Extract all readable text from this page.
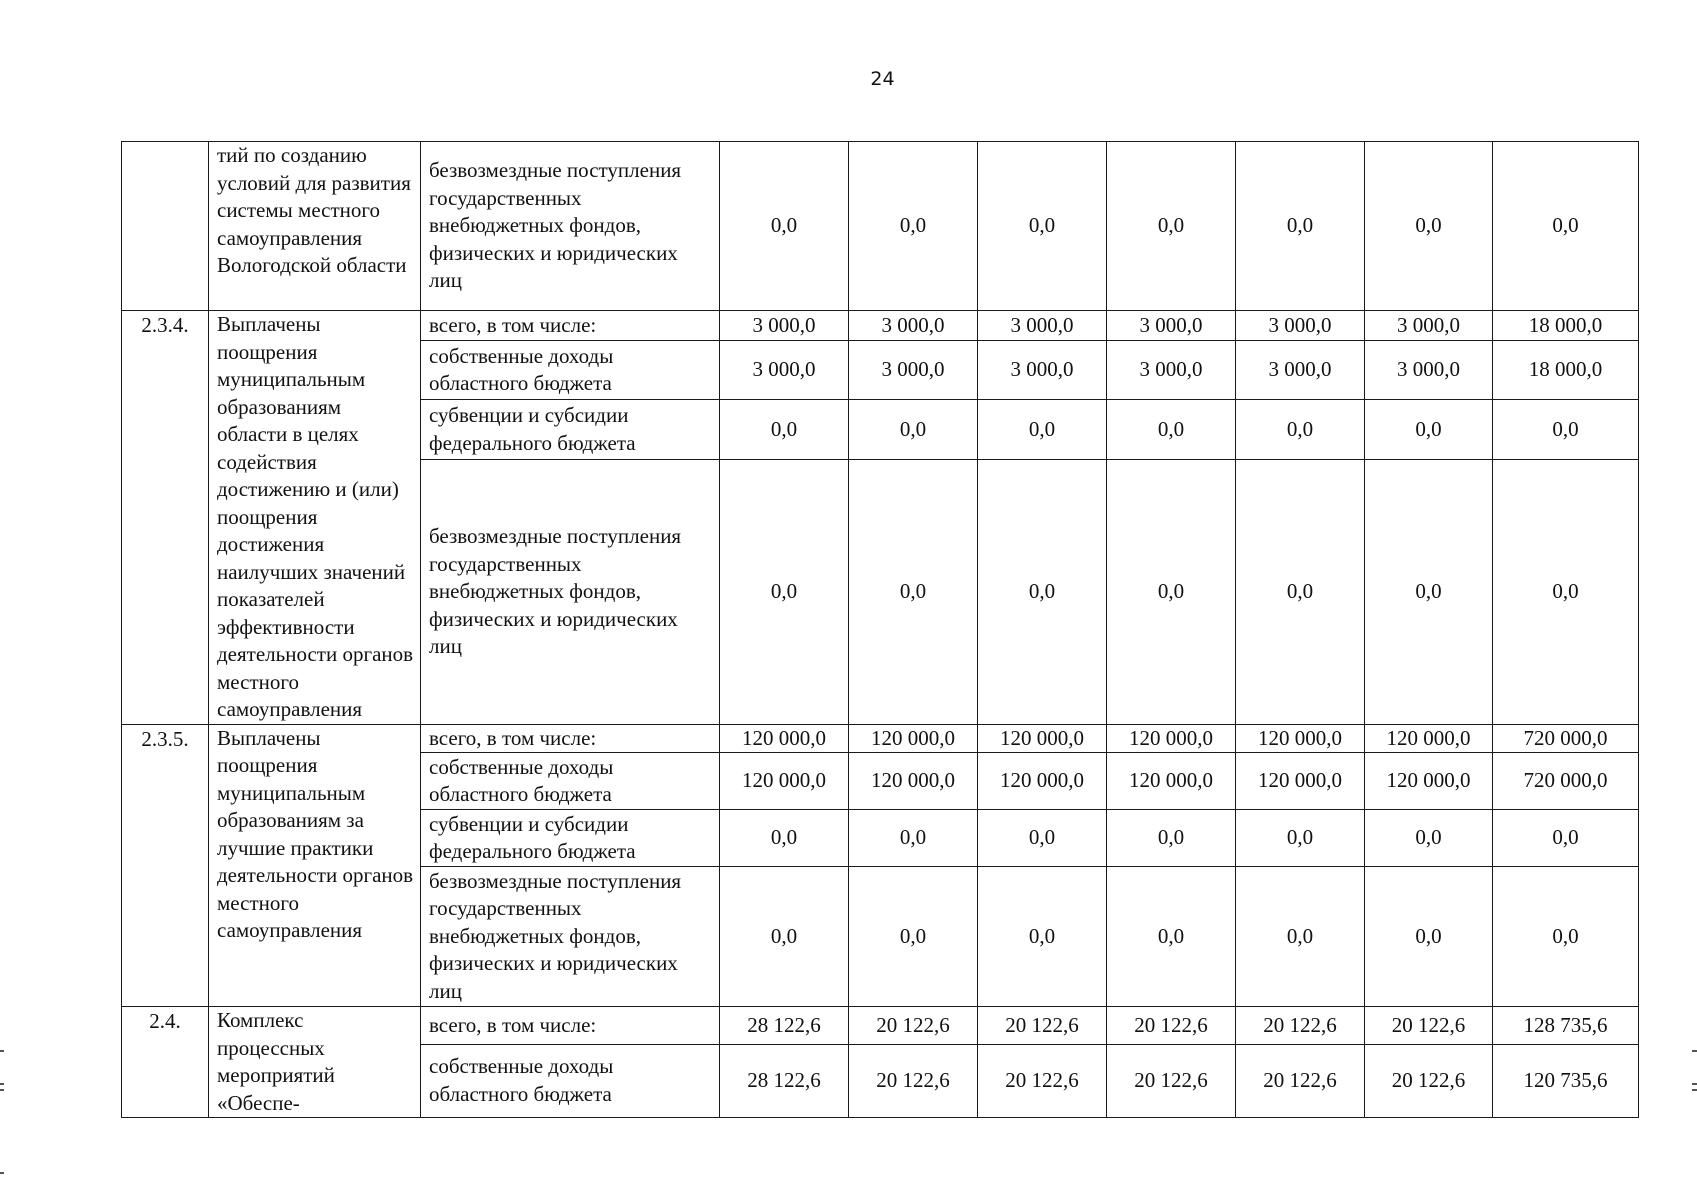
24
	тий по созданию условий для развития системы местного самоуправления Вологодской области	безвозмездные поступления государственных внебюджетных фондов, физических и юридических лиц	0,0	0,0	0,0	0,0	0,0	0,0	0,0
2.3.4.	Выплачены поощрения муниципальным образованиям области в целях содействия достижению и (или) поощрения достижения наилучших значений показателей эффективности деятельности органов местного самоуправления	всего, в том числе:	3 000,0	3 000,0	3 000,0	3 000,0	3 000,0	3 000,0	18 000,0
		собственные доходы областного бюджета	3 000,0	3 000,0	3 000,0	3 000,0	3 000,0	3 000,0	18 000,0
		субвенции и субсидии федерального бюджета	0,0	0,0	0,0	0,0	0,0	0,0	0,0
		безвозмездные поступления государственных внебюджетных фондов, физических и юридических лиц	0,0	0,0	0,0	0,0	0,0	0,0	0,0
2.3.5.	Выплачены поощрения муниципальным образованиям за лучшие практики деятельности органов местного самоуправления	всего, в том числе:	120 000,0	120 000,0	120 000,0	120 000,0	120 000,0	120 000,0	720 000,0
		собственные доходы областного бюджета	120 000,0	120 000,0	120 000,0	120 000,0	120 000,0	120 000,0	720 000,0
		субвенции и субсидии федерального бюджета	0,0	0,0	0,0	0,0	0,0	0,0	0,0
		безвозмездные поступления государственных внебюджетных фондов, физических и юридических лиц	0,0	0,0	0,0	0,0	0,0	0,0	0,0
2.4.	Комплекс процессных мероприятий «Обеспе-	всего, в том числе:	28 122,6	20 122,6	20 122,6	20 122,6	20 122,6	20 122,6	128 735,6
		собственные доходы областного бюджета	28 122,6	20 122,6	20 122,6	20 122,6	20 122,6	20 122,6	120 735,6
